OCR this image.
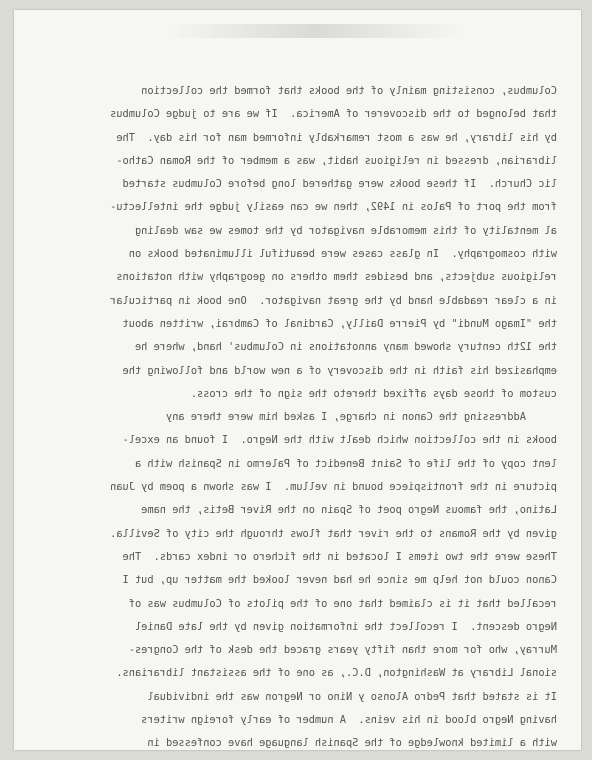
Columbus, consisting mainly of the books that formed the collection
that belonged to the discoverer of America.  If we are to judge Columbus
by his library, he was a most remarkably informed man for his day.  The
librarian, dressed in religious habit, was a member of the Roman Catho-
lic Church.  If these books were gathered long before Columbus started
from the port of Palos in 1492, then we can easily judge the intellectu-
al mentality of this memorable navigator by the tomes we saw dealing
with cosmography.  In glass cases were beautiful illuminated books on
religious subjects, and besides them others on geography with notations
in a clear readable hand by the great navigator.  One book in particular
the "Imago Mundi" by Pierre Dailly, Cardinal of Cambrai, written about
the 12th century showed many annotations in Columbus' hand, where he
emphasized his faith in the discovery of a new world and following the
custom of those days affixed thereto the sign of the cross.
Addressing the Canon in charge, I asked him were there any
books in the collection which dealt with the Negro.  I found an excel-
lent copy of the life of Saint Benedict of Palermo in Spanish with a
picture in the frontispiece bound in vellum.  I was shown a poem by Juan
Latino, the famous Negro poet of Spain on the River Betis, the name
given by the Romans to the river that flows through the city of Sevilla.
These were the two items I located in the fichero or index cards.  The
Canon could not help me since he had never looked the matter up, but I
recalled that it is claimed that one of the pilots of Columbus was of
Negro descent.  I recollect the information given by the late Daniel
Murray, who for more than fifty years graced the desk of the Congres-
sional Library at Washington, D.C., as one of the assistant librarians.
It is stated that Pedro Alonso y Nino or Negron was the individual
having Negro blood in his veins.  A number of early foreign writers
with a limited knowledge of the Spanish language have confessed in
